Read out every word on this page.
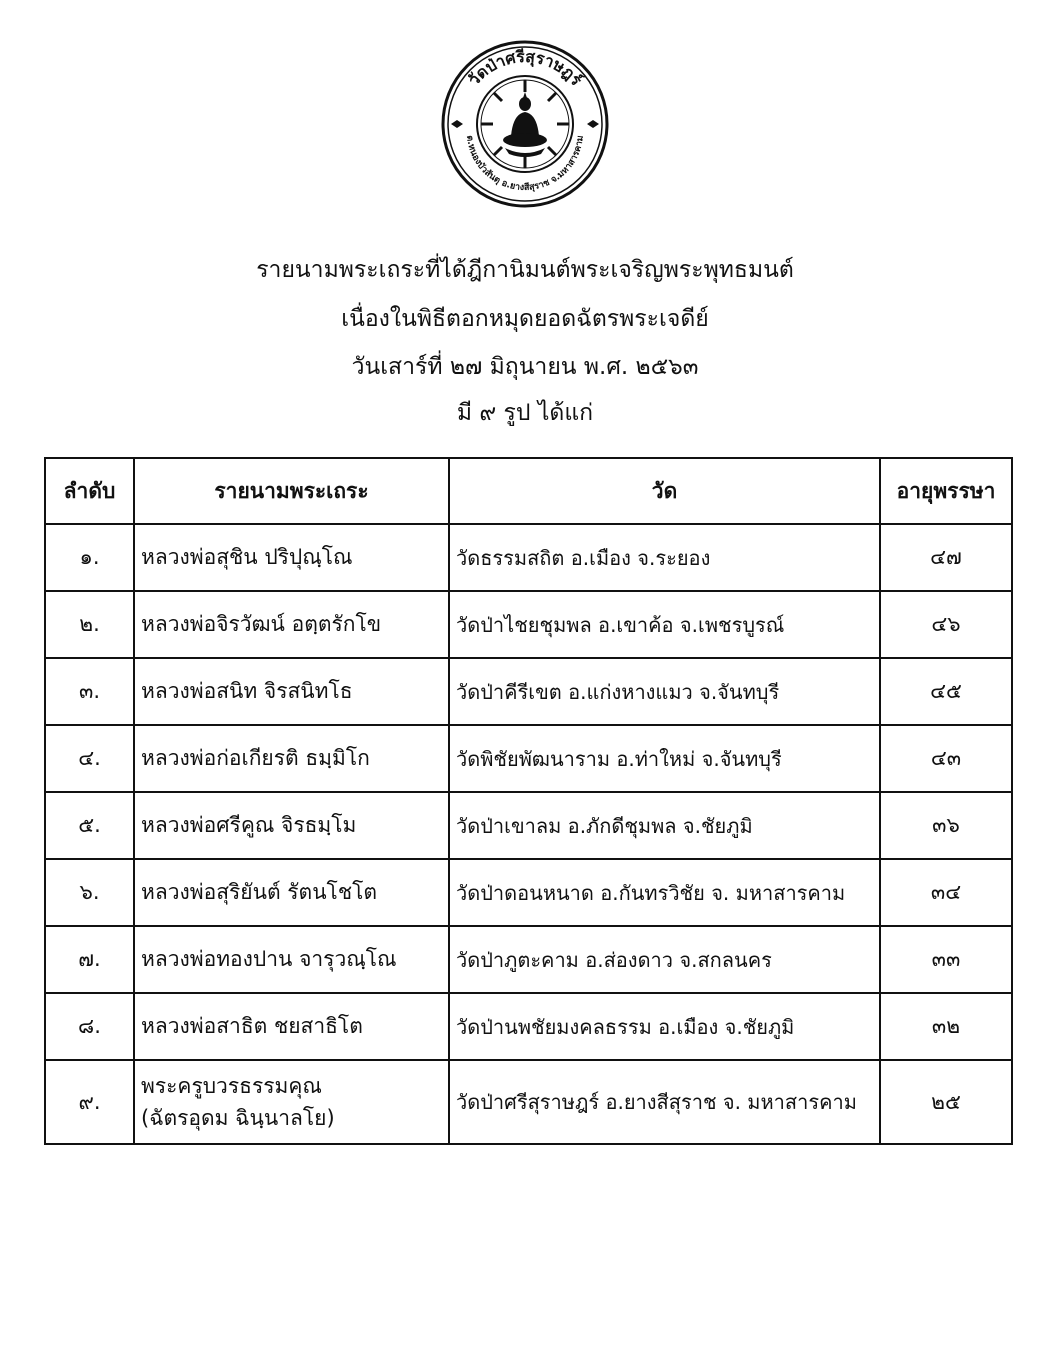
วัดป่าศรีสุราษฎร์
ต.หนองบัวสันตุ อ.ยางสีสุราช จ.มหาสารคาม
รายนามพระเถระที่ได้ฎีกานิมนต์พระเจริญพระพุทธมนต์
เนื่องในพิธีตอกหมุดยอดฉัตรพระเจดีย์
วันเสาร์ที่ ๒๗ มิถุนายน พ.ศ. ๒๕๖๓
มี ๙ รูป ได้แก่
ลำดับ	รายนามพระเถระ	วัด	อายุพรรษา
๑.	หลวงพ่อสุชิน ปริปุณฺโณ	วัดธรรมสถิต อ.เมือง จ.ระยอง	๔๗
๒.	หลวงพ่อจิรวัฒน์ อตฺตรักโข	วัดป่าไชยชุมพล อ.เขาค้อ จ.เพชรบูรณ์	๔๖
๓.	หลวงพ่อสนิท จิรสนิทโธ	วัดป่าคีรีเขต อ.แก่งหางแมว จ.จันทบุรี	๔๕
๔.	หลวงพ่อก่อเกียรติ ธมฺมิโก	วัดพิชัยพัฒนาราม อ.ท่าใหม่ จ.จันทบุรี	๔๓
๕.	หลวงพ่อศรีคูณ จิรธมฺโม	วัดป่าเขาลม อ.ภักดีชุมพล จ.ชัยภูมิ	๓๖
๖.	หลวงพ่อสุริยันต์ รัตนโชโต	วัดป่าดอนหนาด อ.กันทรวิชัย จ. มหาสารคาม	๓๔
๗.	หลวงพ่อทองปาน จารุวณฺโณ	วัดป่าภูตะคาม อ.ส่องดาว จ.สกลนคร	๓๓
๘.	หลวงพ่อสาธิต ชยสาธิโต	วัดป่านพชัยมงคลธรรม อ.เมือง จ.ชัยภูมิ	๓๒
๙.	พระครูบวรธรรมคุณ
(ฉัตรอุดม ฉินฺนาลโย)	วัดป่าศรีสุราษฎร์ อ.ยางสีสุราช จ. มหาสารคาม	๒๕
